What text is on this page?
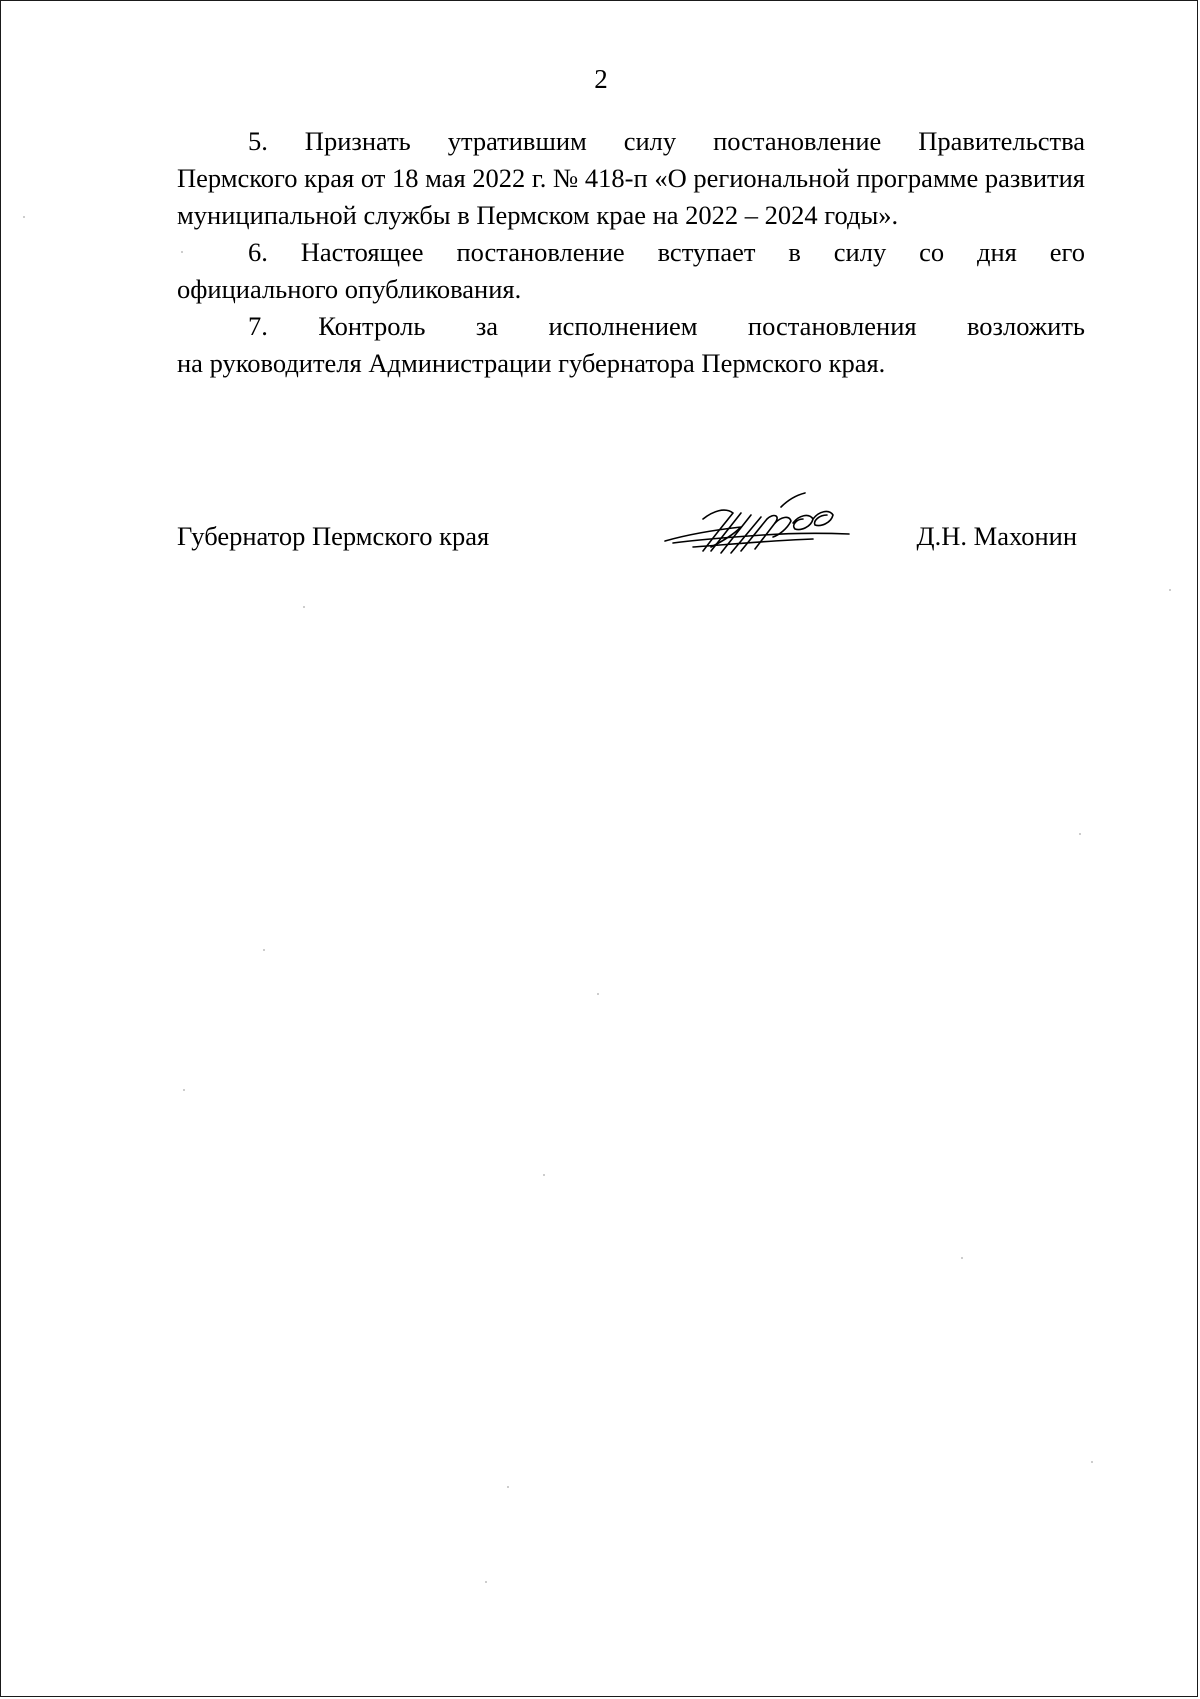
2

5. Признать утратившим силу постановление Правительства
Пермского края от 18 мая 2022 г. № 418-п «О региональной программе развития муниципальной службы в Пермском крае на 2022 – 2024 годы».

6. Настоящее постановление вступает в силу со дня его
официального опубликования.

7. Контроль за исполнением постановления возложить
на руководителя Администрации губернатора Пермского края.

Губернатор Пермского края	Д.Н. Махонин
